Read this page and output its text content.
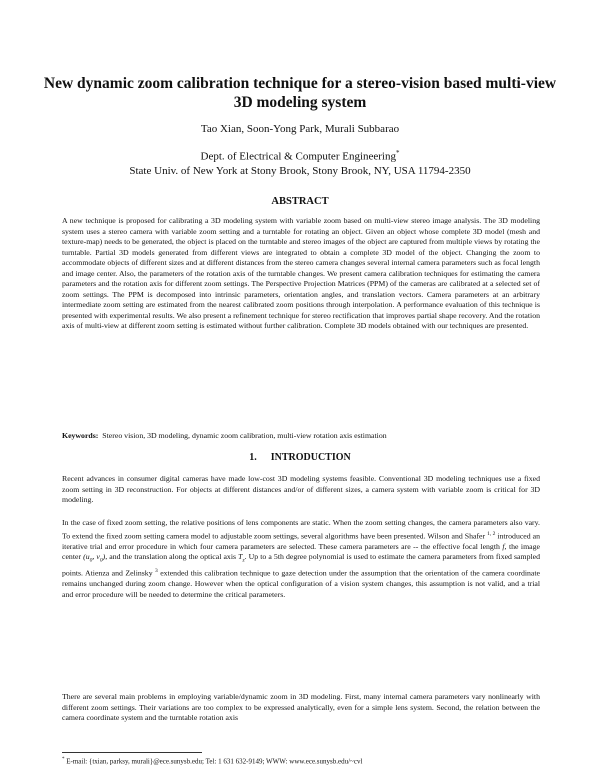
New dynamic zoom calibration technique for a stereo-vision based multi-view 3D modeling system
Tao Xian, Soon-Yong Park, Murali Subbarao
Dept. of Electrical & Computer Engineering*
State Univ. of New York at Stony Brook, Stony Brook, NY, USA 11794-2350
ABSTRACT

A new technique is proposed for calibrating a 3D modeling system with variable zoom based on multi-view stereo image analysis. The 3D modeling system uses a stereo camera with variable zoom setting and a turntable for rotating an object. Given an object whose complete 3D model (mesh and texture-map) needs to be generated, the object is placed on the turntable and stereo images of the object are captured from multiple views by rotating the turntable. Partial 3D models generated from different views are integrated to obtain a complete 3D model of the object. Changing the zoom to accommodate objects of different sizes and at different distances from the stereo camera changes several internal camera parameters such as focal length and image center. Also, the parameters of the rotation axis of the turntable changes. We present camera calibration techniques for estimating the camera parameters and the rotation axis for different zoom settings. The Perspective Projection Matrices (PPM) of the cameras are calibrated at a selected set of zoom settings. The PPM is decomposed into intrinsic parameters, orientation angles, and translation vectors. Camera parameters at an arbitrary intermediate zoom setting are estimated from the nearest calibrated zoom positions through interpolation. A performance evaluation of this technique is presented with experimental results. We also present a refinement technique for stereo rectification that improves partial shape recovery. And the rotation axis of multi-view at different zoom setting is estimated without further calibration. Complete 3D models obtained with our techniques are presented.

Keywords: Stereo vision, 3D modeling, dynamic zoom calibration, multi-view rotation axis estimation
1. INTRODUCTION

Recent advances in consumer digital cameras have made low-cost 3D modeling systems feasible. Conventional 3D modeling techniques use a fixed zoom setting in 3D reconstruction. For objects at different distances and/or of different sizes, a camera system with variable zoom is critical for 3D modeling.

In the case of fixed zoom setting, the relative positions of lens components are static. When the zoom setting changes, the camera parameters also vary. To extend the fixed zoom setting camera model to adjustable zoom settings, several algorithms have been presented. Wilson and Shafer $^{1, 2}$ introduced an iterative trial and error procedure in which four camera parameters are selected. These camera parameters are -- the effective focal length f, the image center ($u_0$, $v_0$), and the translation along the optical axis $T_z$. Up to a 5th degree polynomial is used to estimate the camera parameters from fixed sampled points. Atienza and Zelinsky $^3$ extended this calibration technique to gaze detection under the assumption that the orientation of the camera coordinate remains unchanged during zoom change. However when the optical configuration of a vision system changes, this assumption is not valid, and a trial and error procedure will be needed to determine the critical parameters.

There are several main problems in employing variable/dynamic zoom in 3D modeling. First, many internal camera parameters vary nonlinearly with different zoom settings. Their variations are too complex to be expressed analytically, even for a simple lens system. Second, the relation between the camera coordinate system and the turntable rotation axis

* E-mail: {txian, parksy, murali}@ece.sunysb.edu; Tel: 1 631 632-9149; WWW: www.ece.sunysb.edu/~cvl
